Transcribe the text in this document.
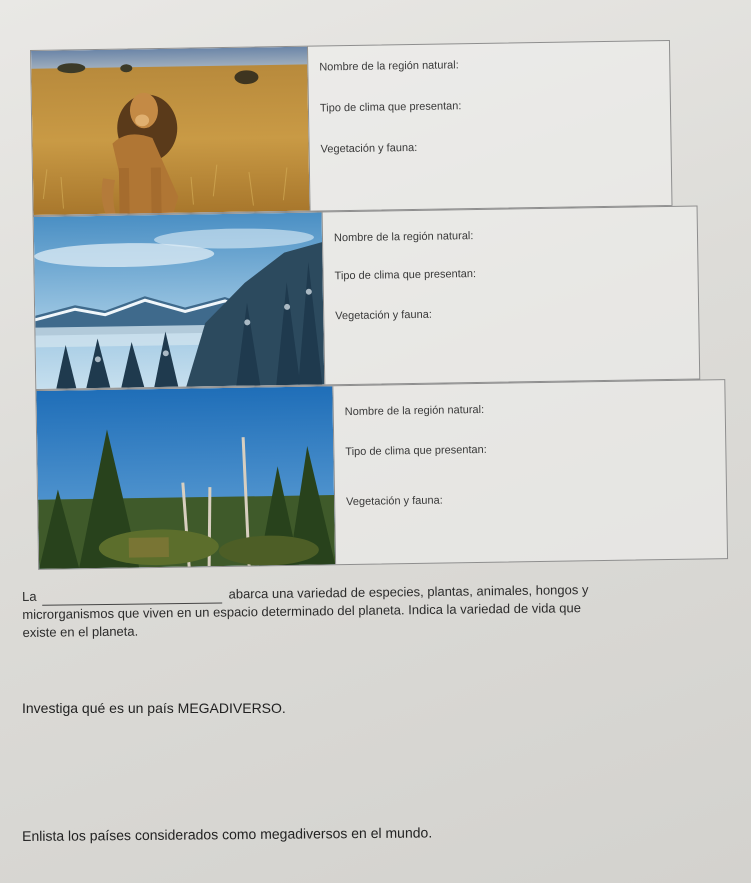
Nombre de la región natural:
Tipo de clima que presentan:
Vegetación y fauna:
Nombre de la región natural:
Tipo de clima que presentan:
Vegetación y fauna:
Nombre de la región natural:
Tipo de clima que presentan:
Vegetación y fauna:
La	abarca una variedad de especies, plantas, animales, hongos y
microrganismos que viven en un espacio determinado del planeta. Indica la variedad de vida que
existe en el planeta.
Investiga qué es un país MEGADIVERSO.
Enlista los países considerados como megadiversos en el mundo.
